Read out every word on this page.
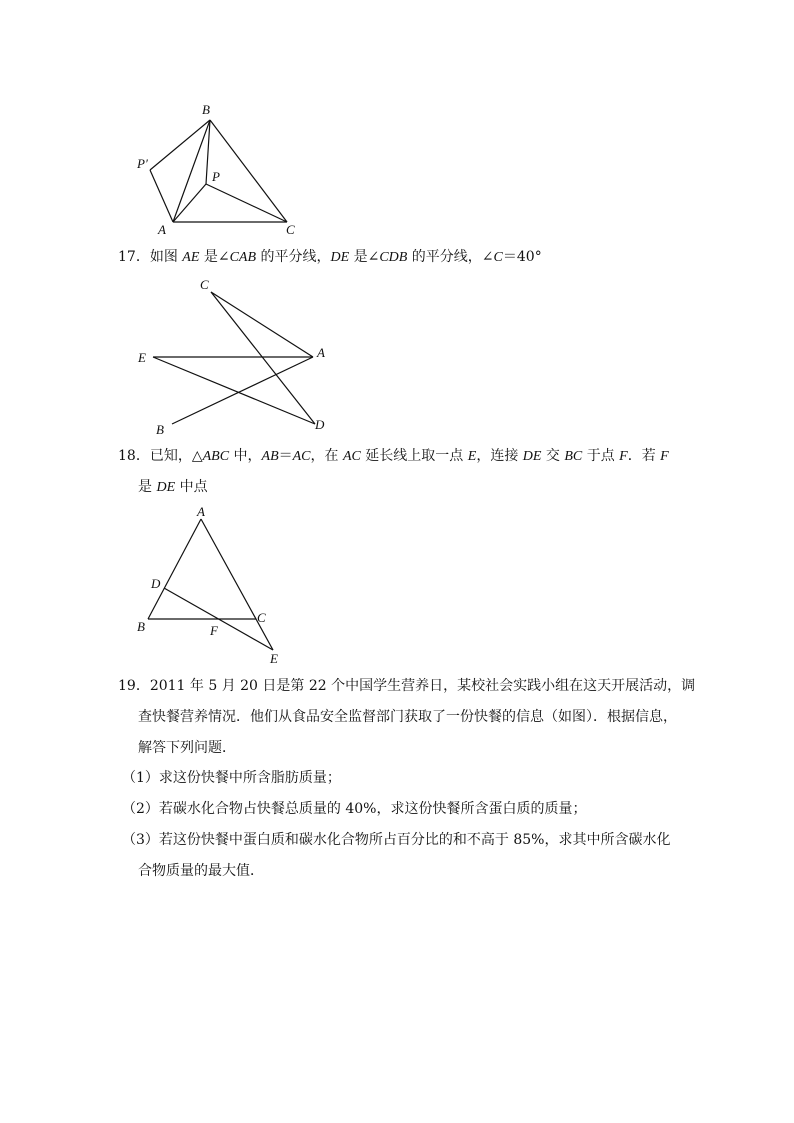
B
P′
P
A	C
C
E	A
B	D
A
D
B	F
C
E
17．如图 AE 是∠CAB 的平分线，DE 是∠CDB 的平分线，∠C＝40°
18．已知，△ABC 中，AB＝AC，在 AC 延长线上取一点 E，连接 DE 交 BC 于点 F．若 F
是 DE 中点
19．2011 年 5 月 20 日是第 22 个中国学生营养日，某校社会实践小组在这天开展活动，调
查快餐营养情况．他们从食品安全监督部门获取了一份快餐的信息（如图）．根据信息，
解答下列问题．
（1）求这份快餐中所含脂肪质量；
（2）若碳水化合物占快餐总质量的 40%，求这份快餐所含蛋白质的质量；
（3）若这份快餐中蛋白质和碳水化合物所占百分比的和不高于 85%，求其中所含碳水化
合物质量的最大值．
